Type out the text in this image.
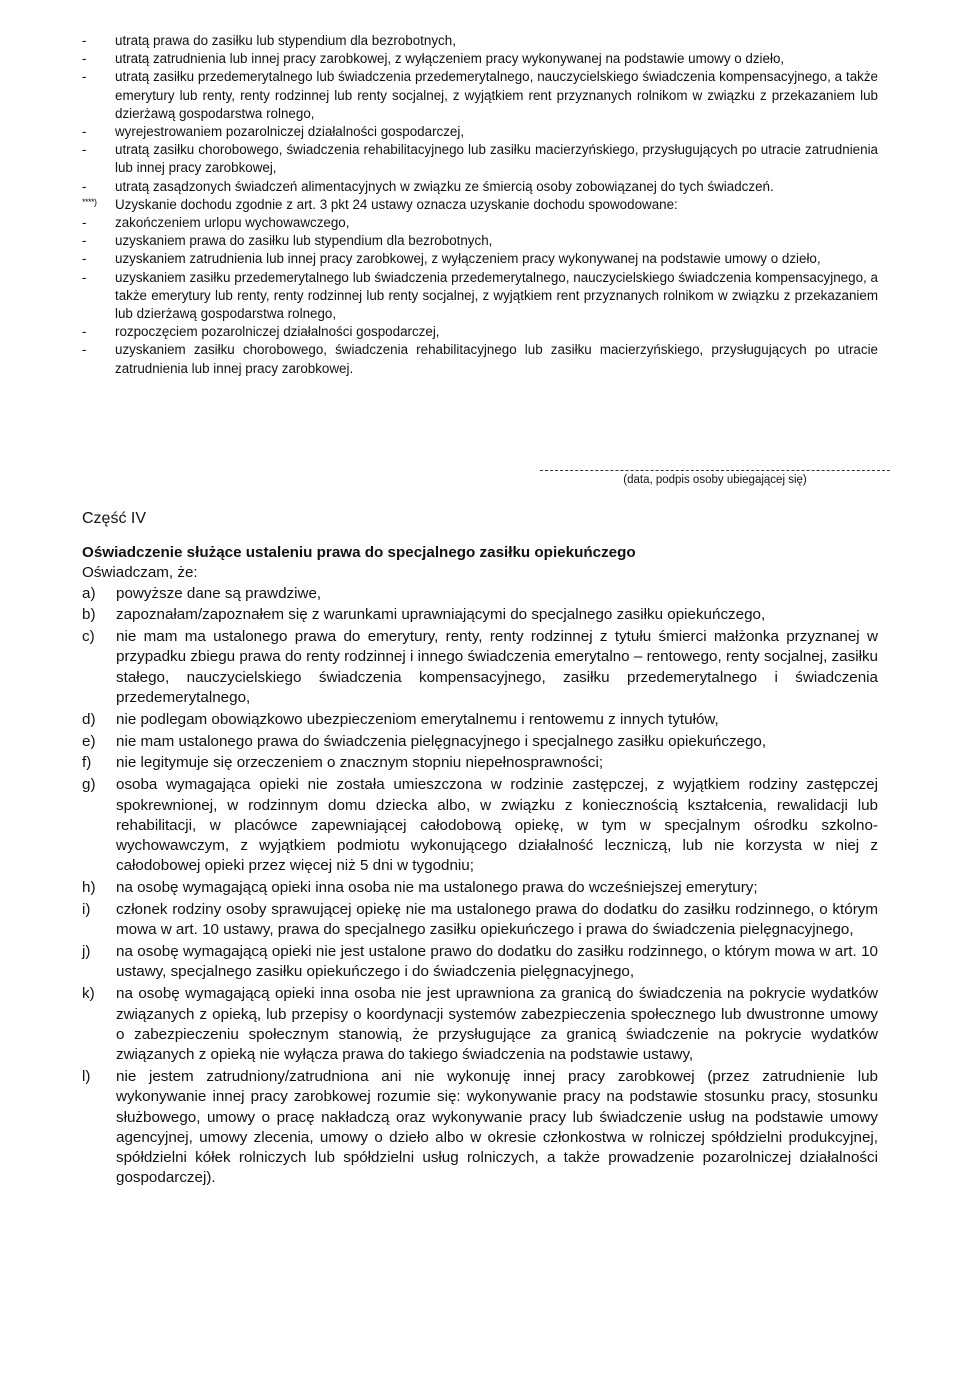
-	utratą prawa do zasiłku lub stypendium dla bezrobotnych,
-	utratą zatrudnienia lub innej pracy zarobkowej, z wyłączeniem pracy wykonywanej na podstawie umowy o dzieło,
-	utratą zasiłku przedemerytalnego lub świadczenia przedemerytalnego, nauczycielskiego świadczenia kompensacyjnego, a także emerytury lub renty, renty rodzinnej lub renty socjalnej, z wyjątkiem rent przyznanych rolnikom w związku z przekazaniem lub dzierżawą gospodarstwa rolnego,
-	wyrejestrowaniem pozarolniczej działalności gospodarczej,
-	utratą zasiłku chorobowego, świadczenia rehabilitacyjnego lub zasiłku macierzyńskiego, przysługujących po utracie zatrudnienia lub innej pracy zarobkowej,
-	utratą zasądzonych świadczeń alimentacyjnych w związku ze śmiercią osoby zobowiązanej do tych świadczeń.
****)	Uzyskanie dochodu zgodnie z art. 3 pkt 24 ustawy oznacza uzyskanie dochodu spowodowane:
-	zakończeniem urlopu wychowawczego,
-	uzyskaniem prawa do zasiłku lub stypendium dla bezrobotnych,
-	uzyskaniem zatrudnienia lub innej pracy zarobkowej, z wyłączeniem pracy wykonywanej na podstawie umowy o dzieło,
-	uzyskaniem zasiłku przedemerytalnego lub świadczenia przedemerytalnego, nauczycielskiego świadczenia kompensacyjnego, a także emerytury lub renty, renty rodzinnej lub renty socjalnej, z wyjątkiem rent przyznanych rolnikom w związku z przekazaniem lub dzierżawą gospodarstwa rolnego,
-	rozpoczęciem pozarolniczej działalności gospodarczej,
-	uzyskaniem zasiłku chorobowego, świadczenia rehabilitacyjnego lub zasiłku macierzyńskiego, przysługujących po utracie zatrudnienia lub innej pracy zarobkowej.
(data, podpis osoby ubiegającej się)
Część IV

Oświadczenie służące ustaleniu prawa do specjalnego zasiłku opiekuńczego

Oświadczam, że:

a)	powyższe dane są prawdziwe,
b)	zapoznałam/zapoznałem się z warunkami uprawniającymi do specjalnego zasiłku opiekuńczego,
c)	nie mam ma ustalonego prawa do emerytury, renty, renty rodzinnej z tytułu śmierci małżonka przyznanej w przypadku zbiegu prawa do renty rodzinnej i innego świadczenia emerytalno – rentowego, renty socjalnej, zasiłku stałego, nauczycielskiego świadczenia kompensacyjnego, zasiłku przedemerytalnego i świadczenia przedemerytalnego,
d)	nie podlegam obowiązkowo ubezpieczeniom emerytalnemu i rentowemu z innych tytułów,
e)	nie mam ustalonego prawa do świadczenia pielęgnacyjnego i specjalnego zasiłku opiekuńczego,
f)	nie legitymuje się orzeczeniem o znacznym stopniu niepełnosprawności;
g)	osoba wymagająca opieki nie została umieszczona w rodzinie zastępczej, z wyjątkiem rodziny zastępczej spokrewnionej, w rodzinnym domu dziecka albo, w związku z koniecznością kształcenia, rewalidacji lub rehabilitacji, w placówce zapewniającej całodobową opiekę, w tym w specjalnym ośrodku szkolno-wychowawczym, z wyjątkiem podmiotu wykonującego działalność leczniczą, lub nie korzysta w niej z całodobowej opieki przez więcej niż 5 dni w tygodniu;
h)	na osobę wymagającą opieki inna osoba nie ma ustalonego prawa do wcześniejszej emerytury;
i)	członek rodziny osoby sprawującej opiekę nie ma ustalonego prawa do dodatku do zasiłku rodzinnego, o którym mowa w art. 10 ustawy, prawa do specjalnego zasiłku opiekuńczego i prawa do świadczenia pielęgnacyjnego,
j)	na osobę wymagającą opieki nie jest ustalone prawo do dodatku do zasiłku rodzinnego, o którym mowa w art. 10 ustawy, specjalnego zasiłku opiekuńczego i do świadczenia pielęgnacyjnego,
k)	na osobę wymagającą opieki inna osoba nie jest uprawniona za granicą do świadczenia na pokrycie wydatków związanych z opieką, lub przepisy o koordynacji systemów zabezpieczenia społecznego lub dwustronne umowy o zabezpieczeniu społecznym stanowią, że przysługujące za granicą świadczenie na pokrycie wydatków związanych z opieką nie wyłącza prawa do takiego świadczenia na podstawie ustawy,
l)	nie jestem zatrudniony/zatrudniona ani nie wykonuję innej pracy zarobkowej (przez zatrudnienie lub wykonywanie innej pracy zarobkowej rozumie się: wykonywanie pracy na podstawie stosunku pracy, stosunku służbowego, umowy o pracę nakładczą oraz wykonywanie pracy lub świadczenie usług na podstawie umowy agencyjnej, umowy zlecenia, umowy o dzieło albo w okresie członkostwa w rolniczej spółdzielni produkcyjnej, spółdzielni kółek rolniczych lub spółdzielni usług rolniczych, a także prowadzenie pozarolniczej działalności gospodarczej).
